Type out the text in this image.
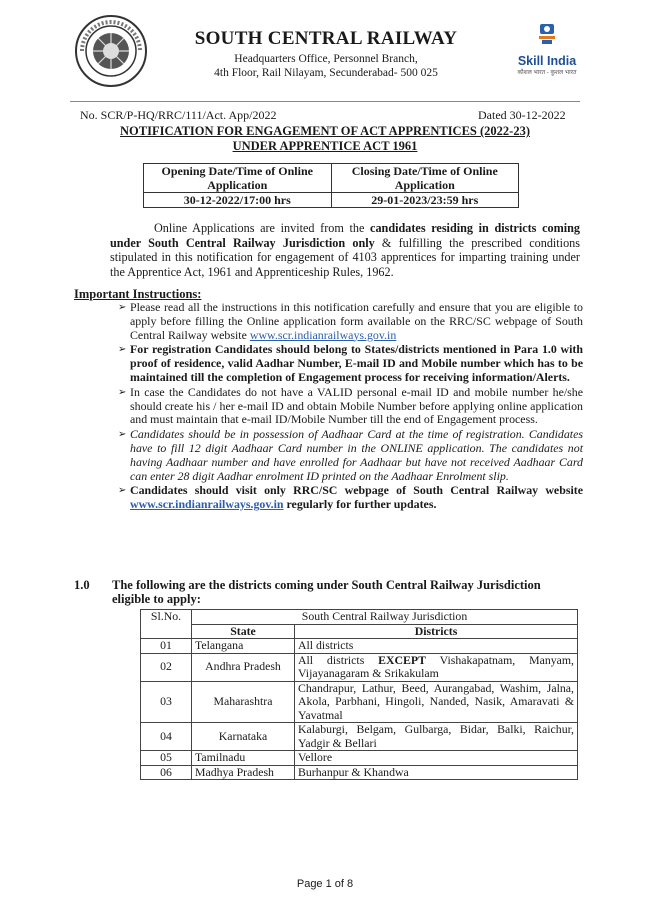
SOUTH CENTRAL RAILWAY
Headquarters Office, Personnel Branch,
4th Floor, Rail Nilayam, Secunderabad- 500 025
Skill India
कौशल भारत - कुशल भारत
No. SCR/P-HQ/RRC/111/Act. App/2022	Dated 30-12-2022
NOTIFICATION FOR ENGAGEMENT OF ACT APPRENTICES (2022-23)
UNDER APPRENTICE ACT 1961
Opening Date/Time of Online Application	Closing Date/Time of Online Application
30-12-2022/17:00 hrs	29-01-2023/23:59 hrs
Online Applications are invited from the candidates residing in districts coming under South Central Railway Jurisdiction only & fulfilling the prescribed conditions stipulated in this notification for engagement of 4103 apprentices for imparting training under the Apprentice Act, 1961 and Apprenticeship Rules, 1962.
Important Instructions:
➢ Please read all the instructions in this notification carefully and ensure that you are eligible to apply before filling the Online application form available on the RRC/SC webpage of South Central Railway website www.scr.indianrailways.gov.in
➢ For registration Candidates should belong to States/districts mentioned in Para 1.0 with proof of residence, valid Aadhar Number, E-mail ID and Mobile number which has to be maintained till the completion of Engagement process for receiving information/Alerts.
➢ In case the Candidates do not have a VALID personal e-mail ID and mobile number he/she should create his / her e-mail ID and obtain Mobile Number before applying online application and must maintain that e-mail ID/Mobile Number till the end of Engagement process.
➢ Candidates should be in possession of Aadhaar Card at the time of registration. Candidates have to fill 12 digit Aadhaar Card number in the ONLINE application. The candidates not having Aadhaar number and have enrolled for Aadhaar but have not received Aadhaar Card can enter 28 digit Aadhar enrolment ID printed on the Aadhaar Enrolment slip.
➢ Candidates should visit only RRC/SC webpage of South Central Railway website www.scr.indianrailways.gov.in regularly for further updates.
1.0 The following are the districts coming under South Central Railway Jurisdiction eligible to apply:
Sl.No.	South Central Railway Jurisdiction	
	State	Districts
01	Telangana	All districts
02	Andhra Pradesh	All districts EXCEPT Vishakapatnam, Manyam, Vijayanagaram & Srikakulam
03	Maharashtra	Chandrapur, Lathur, Beed, Aurangabad, Washim, Jalna, Akola, Parbhani, Hingoli, Nanded, Nasik, Amaravati & Yavatmal
04	Karnataka	Kalaburgi, Belgam, Gulbarga, Bidar, Balki, Raichur, Yadgir & Bellari
05	Tamilnadu	Vellore
06	Madhya Pradesh	Burhanpur & Khandwa
Page 1 of 8
